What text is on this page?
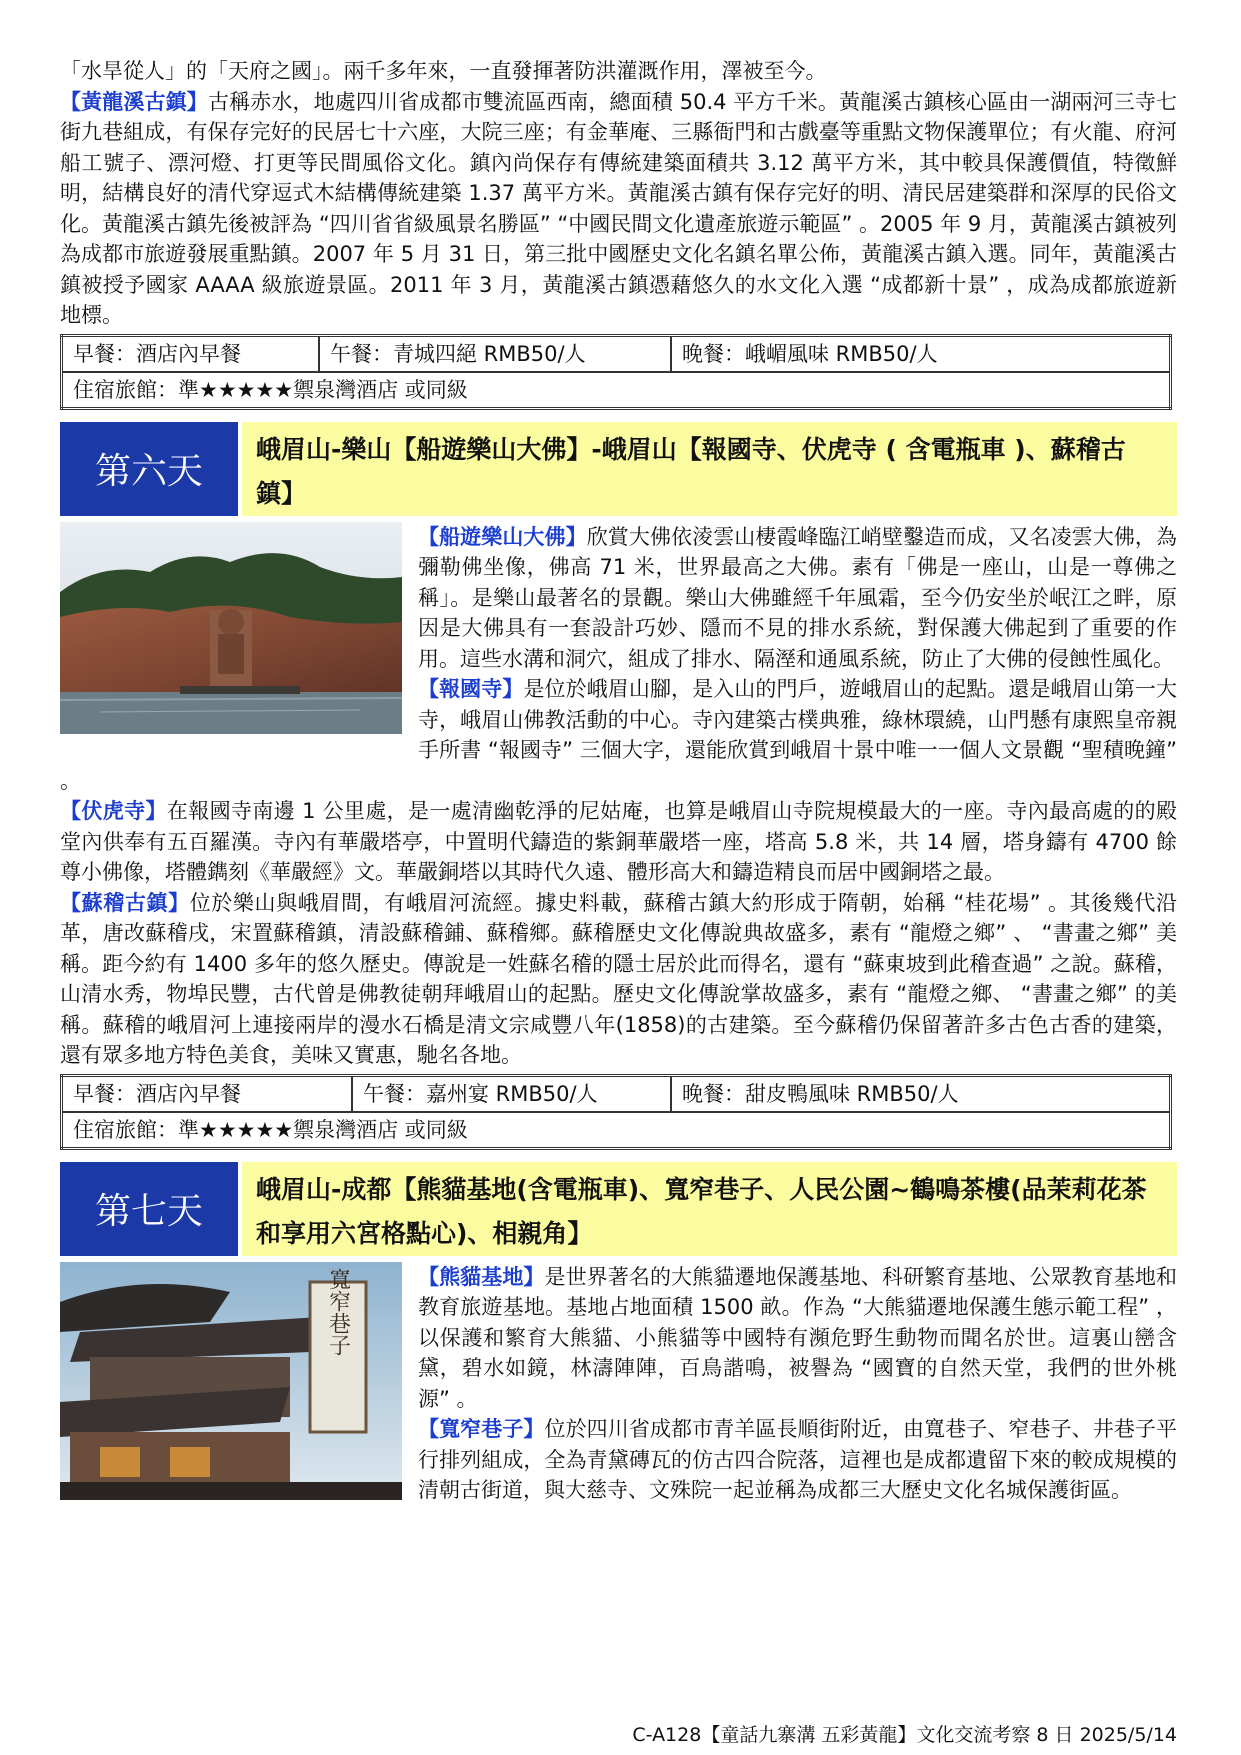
「水旱從人」的「天府之國」。兩千多年來，一直發揮著防洪灌溉作用，澤被至今。

【黃龍溪古鎮】古稱赤水，地處四川省成都市雙流區西南，總面積 50.4 平方千米。黃龍溪古鎮核心區由一湖兩河三寺七街九巷組成，有保存完好的民居七十六座，大院三座；有金華庵、三縣衙門和古戲臺等重點文物保護單位；有火龍、府河船工號子、漂河燈、打更等民間風俗文化。鎮內尚保存有傳統建築面積共 3.12 萬平方米，其中較具保護價值，特徵鮮明，結構良好的清代穿逗式木結構傳統建築 1.37 萬平方米。黃龍溪古鎮有保存完好的明、清民居建築群和深厚的民俗文化。黃龍溪古鎮先後被評為 “四川省省級風景名勝區” “中國民間文化遺產旅遊示範區” 。2005 年 9 月，黃龍溪古鎮被列為成都市旅遊發展重點鎮。2007 年 5 月 31 日，第三批中國歷史文化名鎮名單公佈，黃龍溪古鎮入選。同年，黃龍溪古鎮被授予國家 AAAA 級旅遊景區。2011 年 3 月，黃龍溪古鎮憑藉悠久的水文化入選 “成都新十景” ，成為成都旅遊新地標。

早餐：酒店內早餐	午餐：青城四絕 RMB50/人	晚餐：峨嵋風味 RMB50/人
住宿旅館：準★★★★★禦泉灣酒店 或同級
第六天
峨眉山-樂山【船遊樂山大佛】-峨眉山【報國寺、伏虎寺 ( 含電瓶車 )、蘇稽古鎮】

【船遊樂山大佛】欣賞大佛依淩雲山棲霞峰臨江峭壁鑿造而成，又名凌雲大佛，為彌勒佛坐像，佛高 71 米，世界最高之大佛。素有「佛是一座山，山是一尊佛之稱」。是樂山最著名的景觀。樂山大佛雖經千年風霜，至今仍安坐於岷江之畔，原因是大佛具有一套設計巧妙、隱而不見的排水系統，對保護大佛起到了重要的作用。這些水溝和洞穴，組成了排水、隔溼和通風系統，防止了大佛的侵蝕性風化。

【報國寺】是位於峨眉山腳，是入山的門戶，遊峨眉山的起點。還是峨眉山第一大寺，峨眉山佛教活動的中心。寺內建築古樸典雅，綠林環繞，山門懸有康熙皇帝親手所書 “報國寺” 三個大字，還能欣賞到峨眉十景中唯一一個人文景觀 “聖積晚鐘” 。

【伏虎寺】在報國寺南邊 1 公里處，是一處清幽乾淨的尼姑庵，也算是峨眉山寺院規模最大的一座。寺內最高處的的殿堂內供奉有五百羅漢。寺內有華嚴塔亭，中置明代鑄造的紫銅華嚴塔一座，塔高 5.8 米，共 14 層，塔身鑄有 4700 餘尊小佛像，塔體鐫刻《華嚴經》文。華嚴銅塔以其時代久遠、體形高大和鑄造精良而居中國銅塔之最。

【蘇稽古鎮】位於樂山與峨眉間，有峨眉河流經。據史料載，蘇稽古鎮大約形成于隋朝，始稱 “桂花場” 。其後幾代沿革，唐改蘇稽戌，宋置蘇稽鎮，清設蘇稽鋪、蘇稽鄉。蘇稽歷史文化傳說典故盛多，素有 “龍燈之鄉” 、 “書畫之鄉” 美稱。距今約有 1400 多年的悠久歷史。傳說是一姓蘇名稽的隱士居於此而得名，還有 “蘇東坡到此稽查過” 之說。蘇稽，山清水秀，物埠民豐，古代曾是佛教徒朝拜峨眉山的起點。歷史文化傳說掌故盛多，素有 “龍燈之鄉、 “書畫之鄉” 的美稱。蘇稽的峨眉河上連接兩岸的漫水石橋是清文宗咸豐八年(1858)的古建築。至今蘇稽仍保留著許多古色古香的建築，還有眾多地方特色美食，美味又實惠，馳名各地。

早餐：酒店內早餐	午餐：嘉州宴 RMB50/人	晚餐：甜皮鴨風味 RMB50/人
住宿旅館：準★★★★★禦泉灣酒店 或同級
第七天
峨眉山-成都【熊貓基地(含電瓶車)、寬窄巷子、人民公園~鶴鳴茶樓(品茉莉花茶和享用六宮格點心)、相親角】
寬窄巷子	【熊貓基地】是世界著名的大熊貓遷地保護基地、科研繁育基地、公眾教育基地和教育旅遊基地。基地占地面積 1500 畝。作為 “大熊貓遷地保護生態示範工程” ，以保護和繁育大熊貓、小熊貓等中國特有瀕危野生動物而聞名於世。這裏山巒含黛，碧水如鏡，林濤陣陣，百鳥諧鳴，被譽為 “國寶的自然天堂，我們的世外桃源” 。

【寬窄巷子】位於四川省成都市青羊區長順街附近，由寬巷子、窄巷子、井巷子平行排列組成，全為青黛磚瓦的仿古四合院落，這裡也是成都遺留下來的較成規模的清朝古街道，與大慈寺、文殊院一起並稱為成都三大歷史文化名城保護街區。

C-A128【童話九寨溝 五彩黃龍】文化交流考察 8 日 2025/5/14
